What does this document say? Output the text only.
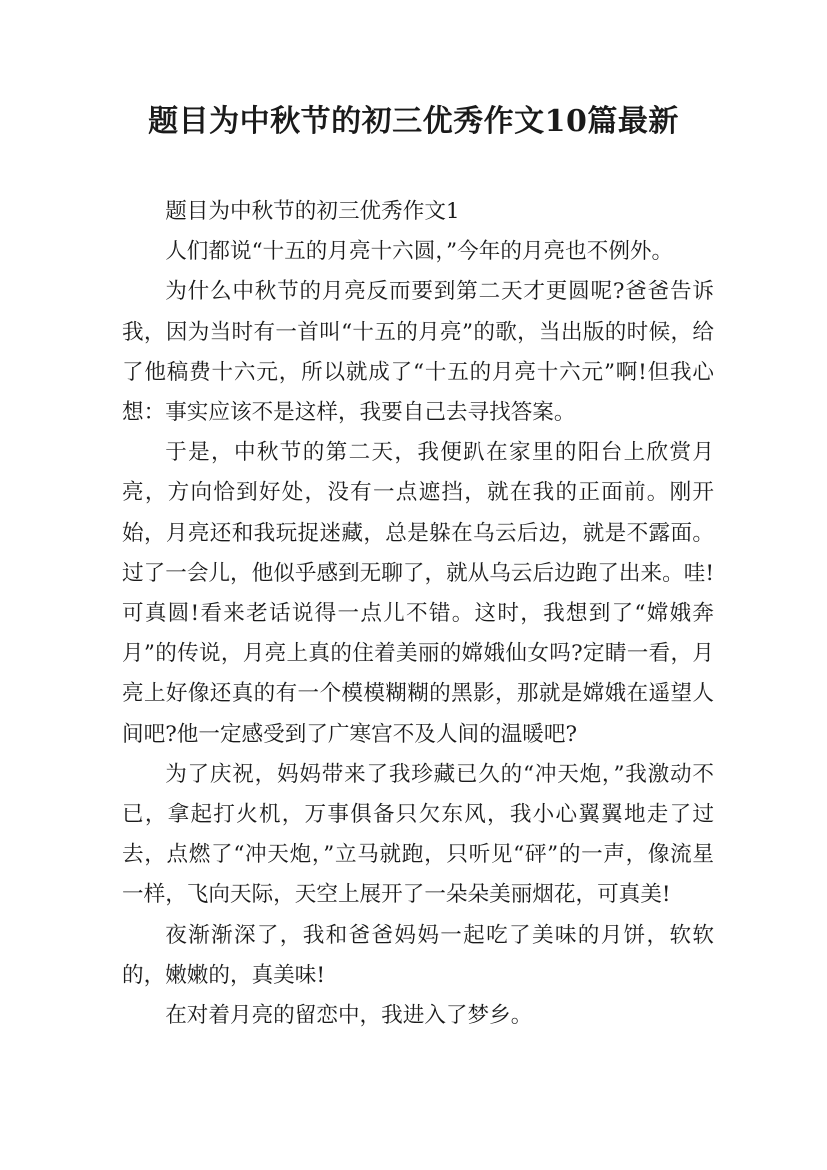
题目为中秋节的初三优秀作文10篇最新

题目为中秋节的初三优秀作文1

人们都说“十五的月亮十六圆，”今年的月亮也不例外。

为什么中秋节的月亮反而要到第二天才更圆呢?爸爸告诉我，因为当时有一首叫“十五的月亮”的歌，当出版的时候，给了他稿费十六元，所以就成了“十五的月亮十六元”啊!但我心想：事实应该不是这样，我要自己去寻找答案。

于是，中秋节的第二天，我便趴在家里的阳台上欣赏月亮，方向恰到好处，没有一点遮挡，就在我的正面前。刚开始，月亮还和我玩捉迷藏，总是躲在乌云后边，就是不露面。过了一会儿，他似乎感到无聊了，就从乌云后边跑了出来。哇!可真圆!看来老话说得一点儿不错。这时，我想到了“嫦娥奔月”的传说，月亮上真的住着美丽的嫦娥仙女吗?定睛一看，月亮上好像还真的有一个模模糊糊的黑影，那就是嫦娥在遥望人间吧?他一定感受到了广寒宫不及人间的温暖吧?

为了庆祝，妈妈带来了我珍藏已久的“冲天炮，”我激动不已，拿起打火机，万事俱备只欠东风，我小心翼翼地走了过去，点燃了“冲天炮，”立马就跑，只听见“砰”的一声，像流星一样，飞向天际，天空上展开了一朵朵美丽烟花，可真美!

夜渐渐深了，我和爸爸妈妈一起吃了美味的月饼，软软的，嫩嫩的，真美味!

在对着月亮的留恋中，我进入了梦乡。
